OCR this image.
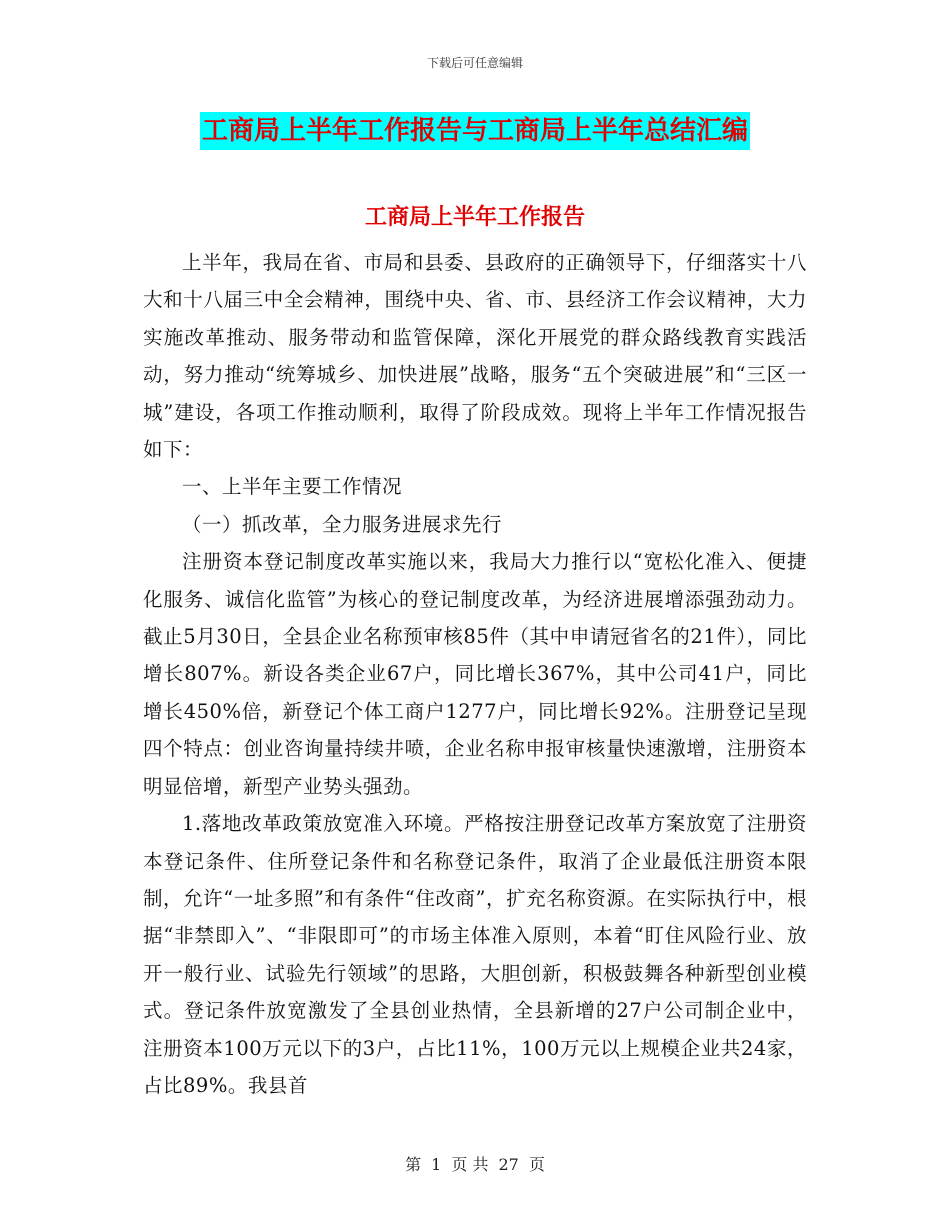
下载后可任意编辑
工商局上半年工作报告与工商局上半年总结汇编
工商局上半年工作报告

上半年，我局在省、市局和县委、县政府的正确领导下，仔细落实十八大和十八届三中全会精神，围绕中央、省、市、县经济工作会议精神，大力实施改革推动、服务带动和监管保障，深化开展党的群众路线教育实践活动，努力推动“统筹城乡、加快进展”战略，服务“五个突破进展”和“三区一城”建设，各项工作推动顺利，取得了阶段成效。现将上半年工作情况报告如下：

一、上半年主要工作情况

（一）抓改革，全力服务进展求先行

注册资本登记制度改革实施以来，我局大力推行以“宽松化准入、便捷化服务、诚信化监管”为核心的登记制度改革，为经济进展增添强劲动力。截止5月30日，全县企业名称预审核85件（其中申请冠省名的21件），同比增长807%。新设各类企业67户，同比增长367%，其中公司41户，同比增长450%倍，新登记个体工商户1277户，同比增长92%。注册登记呈现四个特点：创业咨询量持续井喷，企业名称申报审核量快速激增，注册资本明显倍增，新型产业势头强劲。

1.落地改革政策放宽准入环境。严格按注册登记改革方案放宽了注册资本登记条件、住所登记条件和名称登记条件，取消了企业最低注册资本限制，允许“一址多照”和有条件“住改商”，扩充名称资源。在实际执行中，根据“非禁即入”、“非限即可”的市场主体准入原则，本着“盯住风险行业、放开一般行业、试验先行领域”的思路，大胆创新，积极鼓舞各种新型创业模式。登记条件放宽激发了全县创业热情，全县新增的27户公司制企业中，注册资本100万元以下的3户，占比11%，100万元以上规模企业共24家，占比89%。我县首

第 1 页 共 27 页
